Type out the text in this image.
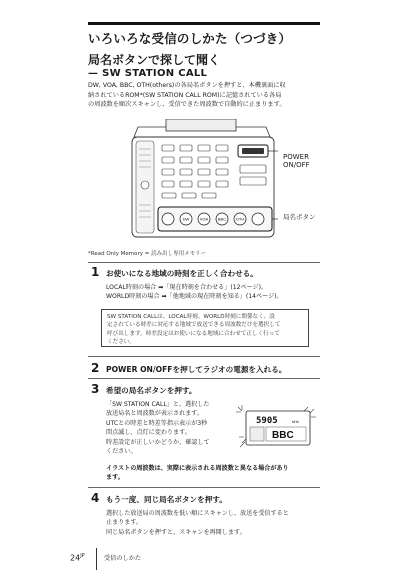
いろいろな受信のしかた（つづき）
局名ボタンで探して聞く
— SW STATION CALL
DW, VOA, BBC, OTH(others)の各局名ボタンを押すと、本機裏面に収
納されているROM*(SW STATION CALL ROM)に記憶されている各局
の周波数を順次スキャンし、受信できた周波数で自動的に止まります。
DW	VOA BBC OTH
POWER
ON/OFF
局名ボタン
*Read Only Memory = 読み出し専用メモリー
1 お使いになる地域の時刻を正しく合わせる。
LOCAL時刻の場合 ➡「現在時刻を合わせる」(12ページ)。
WORLD時刻の場合 ➡「他地域の現在時刻を知る」(14ページ)。
SW STATION CALLは、LOCAL時刻、WORLD時刻に関係なく、設
定されている時差に対応する地域で放送できる周波数だけを選択して
呼び出します。時差設定はお使いになる地域に合わせて正しく行って
ください。
2 POWER ON/OFFを押してラジオの電源を入れる。
3 希望の局名ボタンを押す。
「SW STATION CALL」と、選択した
放送局名と周波数が表示されます。
UTCとの時差と時差等指示表示が3秒
間点滅し、点灯に変わります。
時差設定が正しいかどうか、確認して
ください。
5905	kHz
BBC
イラストの周波数は、実際に表示される周波数と異なる場合があり
ます。
4 もう一度、同じ局名ボタンを押す。
選択した放送局の周波数を低い順にスキャンし、放送を受信すると
止まります。
同じ局名ボタンを押すと、スキャンを再開します。
$24^{JP}$	受信のしかた
